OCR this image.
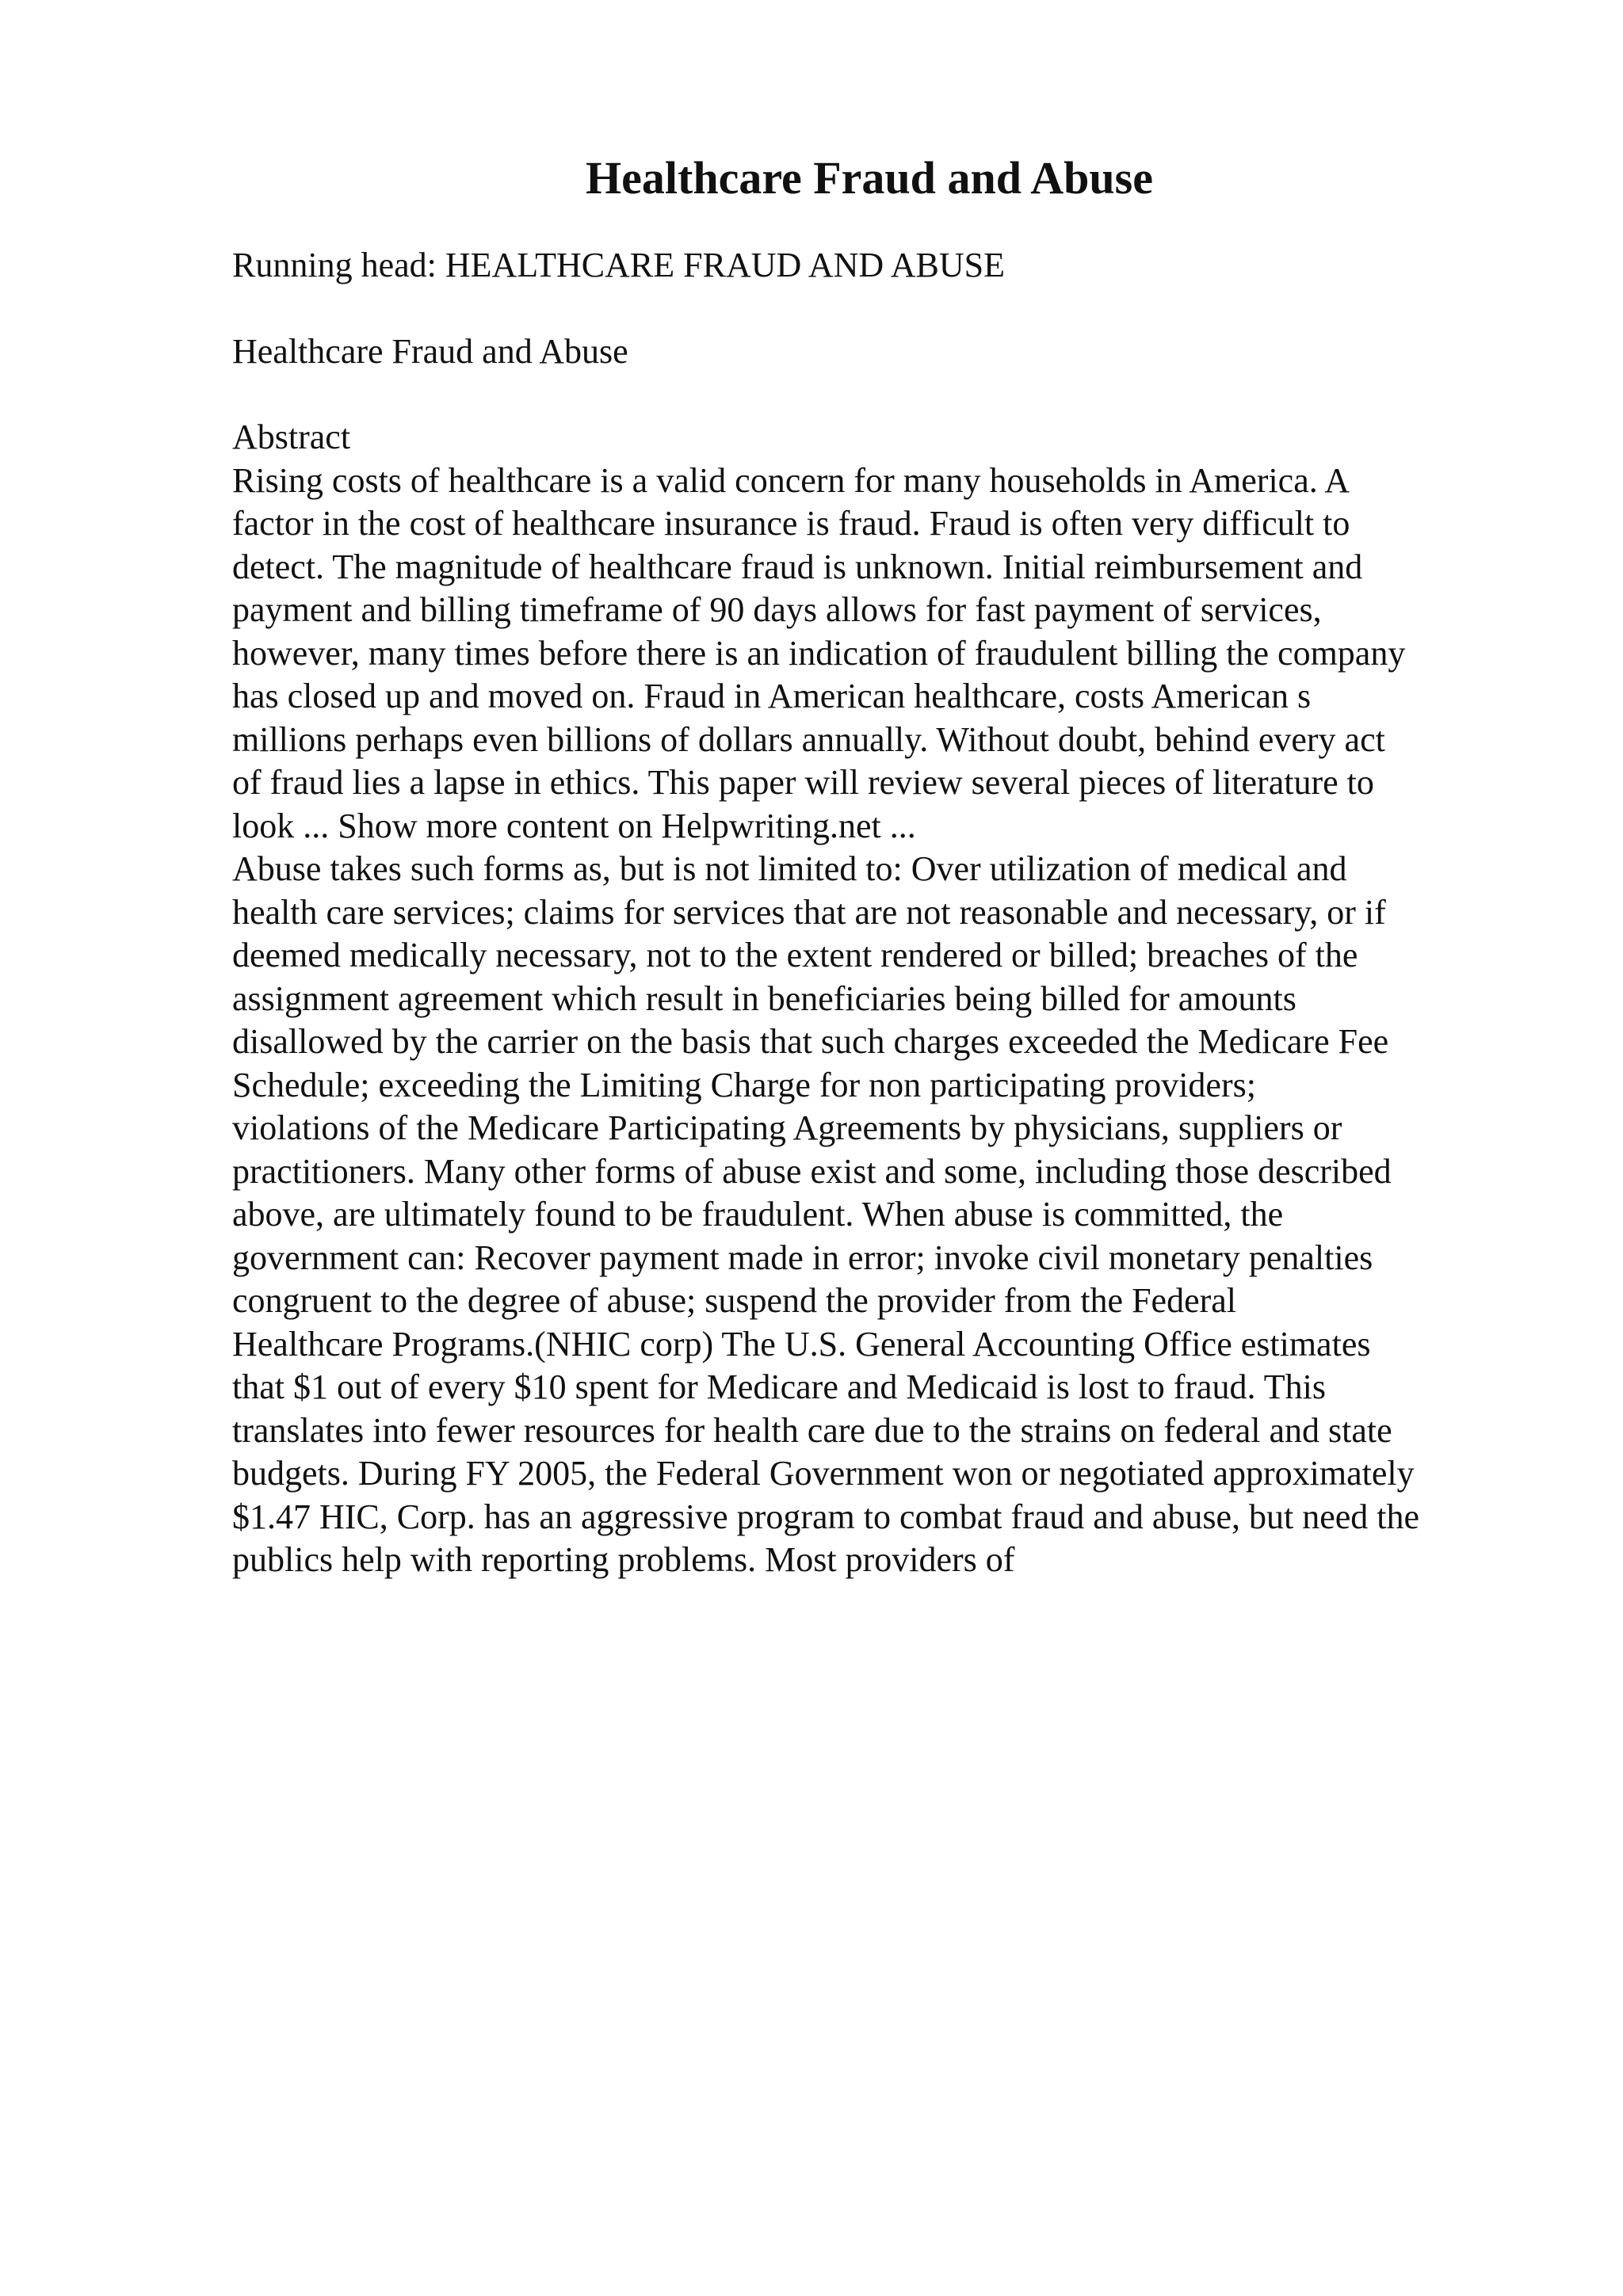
Healthcare Fraud and Abuse

Running head: HEALTHCARE FRAUD AND ABUSE

Healthcare Fraud and Abuse

Abstract

Rising costs of healthcare is a valid concern for many households in America. A
factor in the cost of healthcare insurance is fraud. Fraud is often very difficult to
detect. The magnitude of healthcare fraud is unknown. Initial reimbursement and
payment and billing timeframe of 90 days allows for fast payment of services,
however, many times before there is an indication of fraudulent billing the company
has closed up and moved on. Fraud in American healthcare, costs American s
millions perhaps even billions of dollars annually. Without doubt, behind every act
of fraud lies a lapse in ethics. This paper will review several pieces of literature to
look ... Show more content on Helpwriting.net ...
Abuse takes such forms as, but is not limited to: Over utilization of medical and
health care services; claims for services that are not reasonable and necessary, or if
deemed medically necessary, not to the extent rendered or billed; breaches of the
assignment agreement which result in beneficiaries being billed for amounts
disallowed by the carrier on the basis that such charges exceeded the Medicare Fee
Schedule; exceeding the Limiting Charge for non participating providers;
violations of the Medicare Participating Agreements by physicians, suppliers or
practitioners. Many other forms of abuse exist and some, including those described
above, are ultimately found to be fraudulent. When abuse is committed, the
government can: Recover payment made in error; invoke civil monetary penalties
congruent to the degree of abuse; suspend the provider from the Federal
Healthcare Programs.(NHIC corp) The U.S. General Accounting Office estimates
that $1 out of every $10 spent for Medicare and Medicaid is lost to fraud. This
translates into fewer resources for health care due to the strains on federal and state
budgets. During FY 2005, the Federal Government won or negotiated approximately
$1.47 HIC, Corp. has an aggressive program to combat fraud and abuse, but need the
publics help with reporting problems. Most providers of
